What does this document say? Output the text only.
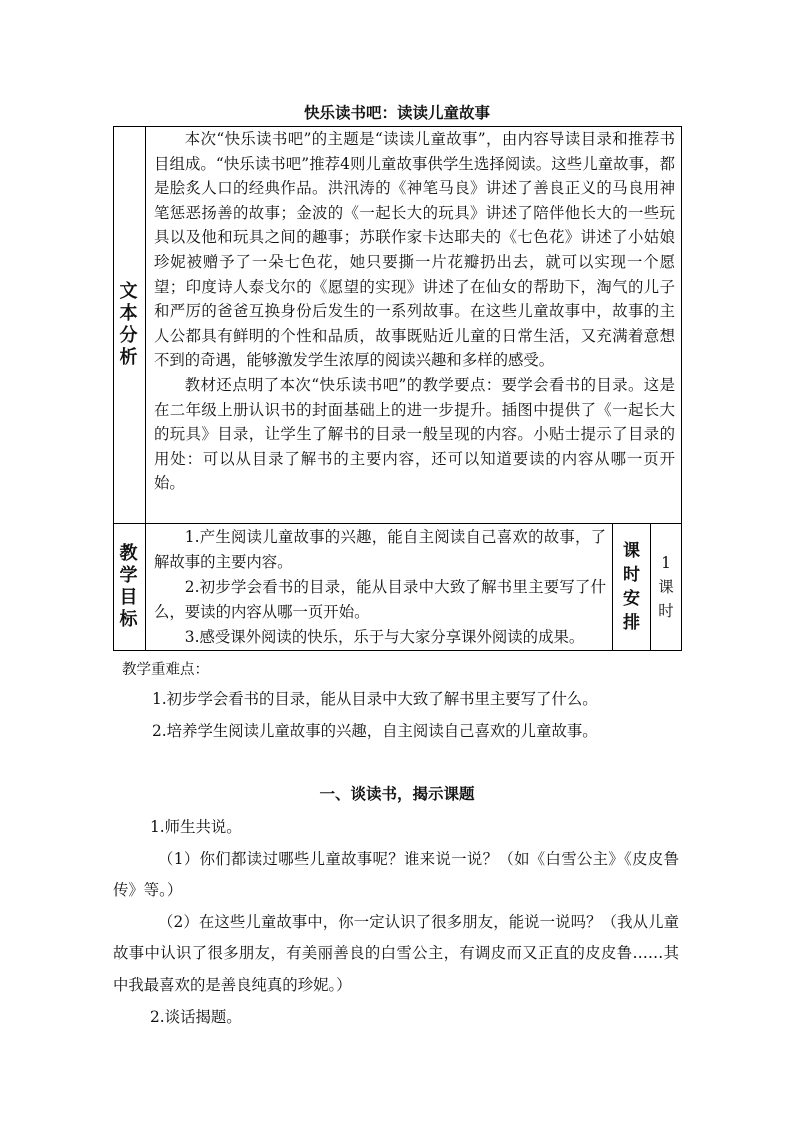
快乐读书吧：读读儿童故事
文本分析	本次“快乐读书吧”的主题是“读读儿童故事”，由内容导读目录和推荐书目组成。“快乐读书吧”推荐4则儿童故事供学生选择阅读。这些儿童故事，都是脍炙人口的经典作品。洪汛涛的《神笔马良》讲述了善良正义的马良用神笔惩恶扬善的故事；金波的《一起长大的玩具》讲述了陪伴他长大的一些玩具以及他和玩具之间的趣事；苏联作家卡达耶夫的《七色花》讲述了小姑娘珍妮被赠予了一朵七色花，她只要撕一片花瓣扔出去，就可以实现一个愿望；印度诗人泰戈尔的《愿望的实现》讲述了在仙女的帮助下，淘气的儿子和严厉的爸爸互换身份后发生的一系列故事。在这些儿童故事中，故事的主人公都具有鲜明的个性和品质，故事既贴近儿童的日常生活，又充满着意想不到的奇遇，能够激发学生浓厚的阅读兴趣和多样的感受。

教材还点明了本次“快乐读书吧”的教学要点：要学会看书的目录。这是在二年级上册认识书的封面基础上的进一步提升。插图中提供了《一起长大的玩具》目录，让学生了解书的目录一般呈现的内容。小贴士提示了目录的用处：可以从目录了解书的主要内容，还可以知道要读的内容从哪一页开始。		

教学目标	1.产生阅读儿童故事的兴趣，能自主阅读自己喜欢的故事，了解故事的主要内容。

2.初步学会看书的目录，能从目录中大致了解书里主要写了什么，要读的内容从哪一页开始。

3.感受课外阅读的快乐，乐于与大家分享课外阅读的成果。	课时安排	1课时
教学重难点：
1.初步学会看书的目录，能从目录中大致了解书里主要写了什么。
2.培养学生阅读儿童故事的兴趣，自主阅读自己喜欢的儿童故事。
一、谈读书，揭示课题

1.师生共说。

（1）你们都读过哪些儿童故事呢？谁来说一说？（如《白雪公主》《皮皮鲁传》等。）

（2）在这些儿童故事中，你一定认识了很多朋友，能说一说吗？（我从儿童故事中认识了很多朋友，有美丽善良的白雪公主，有调皮而又正直的皮皮鲁……其中我最喜欢的是善良纯真的珍妮。）

2.谈话揭题。
